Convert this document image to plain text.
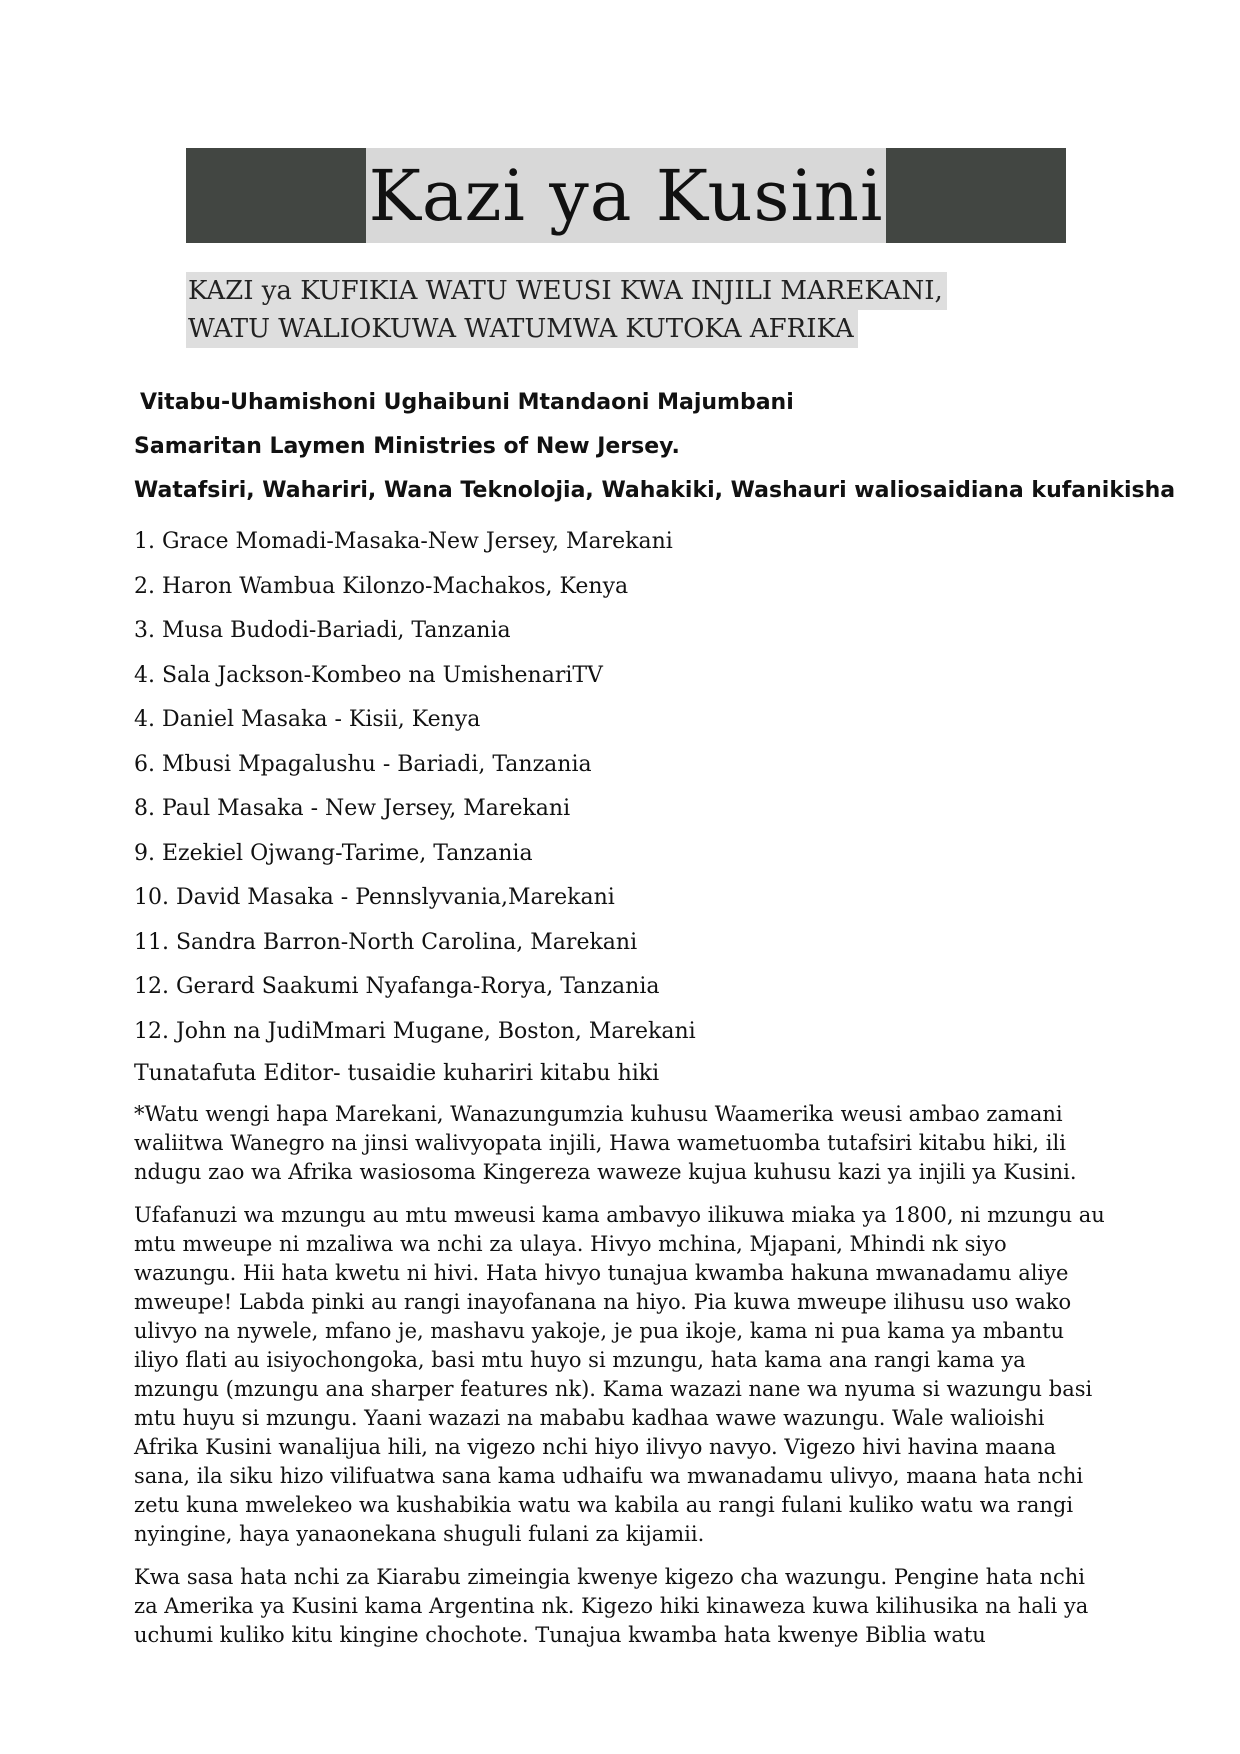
Kazi ya Kusini
KAZI ya KUFIKIA WATU WEUSI KWA INJILI MAREKANI,
WATU WALIOKUWA WATUMWA KUTOKA AFRIKA
Vitabu-Uhamishoni Ughaibuni Mtandaoni Majumbani
Samaritan Laymen Ministries of New Jersey.
Watafsiri, Wahariri, Wana Teknolojia, Wahakiki, Washauri waliosaidiana kufanikisha
1. Grace Momadi-Masaka-New Jersey, Marekani
2. Haron Wambua Kilonzo-Machakos, Kenya
3. Musa Budodi-Bariadi, Tanzania
4. Sala Jackson-Kombeo na UmishenariTV
4. Daniel Masaka - Kisii, Kenya
6. Mbusi Mpagalushu - Bariadi, Tanzania
8. Paul Masaka - New Jersey, Marekani
9. Ezekiel Ojwang-Tarime, Tanzania
10. David Masaka - Pennslyvania,Marekani
11. Sandra Barron-North Carolina, Marekani
12. Gerard Saakumi Nyafanga-Rorya, Tanzania
12. John na JudiMmari Mugane, Boston, Marekani
Tunatafuta Editor- tusaidie kuhariri kitabu hiki

*Watu wengi hapa Marekani, Wanazungumzia kuhusu Waamerika weusi ambao zamani waliitwa Wanegro na jinsi walivyopata injili, Hawa wametuomba tutafsiri kitabu hiki, ili ndugu zao wa Afrika wasiosoma Kingereza waweze kujua kuhusu kazi ya injili ya Kusini.

Ufafanuzi wa mzungu au mtu mweusi kama ambavyo ilikuwa miaka ya 1800, ni mzungu au mtu mweupe ni mzaliwa wa nchi za ulaya. Hivyo mchina, Mjapani, Mhindi nk siyo wazungu. Hii hata kwetu ni hivi. Hata hivyo tunajua kwamba hakuna mwanadamu aliye mweupe! Labda pinki au rangi inayofanana na hiyo. Pia kuwa mweupe ilihusu uso wako ulivyo na nywele, mfano je, mashavu yakoje, je pua ikoje, kama ni pua kama ya mbantu iliyo flati au isiyochongoka, basi mtu huyo si mzungu, hata kama ana rangi kama ya mzungu (mzungu ana sharper features nk). Kama wazazi nane wa nyuma si wazungu basi mtu huyu si mzungu. Yaani wazazi na mababu kadhaa wawe wazungu. Wale walioishi Afrika Kusini wanalijua hili, na vigezo nchi hiyo ilivyo navyo. Vigezo hivi havina maana sana, ila siku hizo vilifuatwa sana kama udhaifu wa mwanadamu ulivyo, maana hata nchi zetu kuna mwelekeo wa kushabikia watu wa kabila au rangi fulani kuliko watu wa rangi nyingine, haya yanaonekana shuguli fulani za kijamii.

Kwa sasa hata nchi za Kiarabu zimeingia kwenye kigezo cha wazungu. Pengine hata nchi za Amerika ya Kusini kama Argentina nk. Kigezo hiki kinaweza kuwa kilihusika na hali ya uchumi kuliko kitu kingine chochote. Tunajua kwamba hata kwenye Biblia watu
